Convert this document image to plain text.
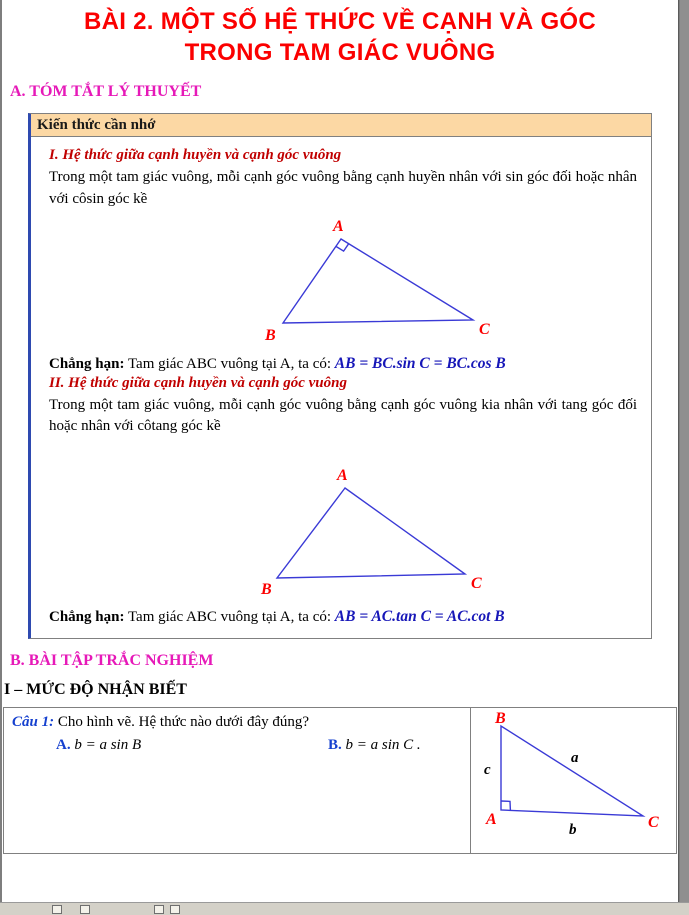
BÀI 2. MỘT SỐ HỆ THỨC VỀ CẠNH VÀ GÓC
TRONG TAM GIÁC VUÔNG
A. TÓM TẮT LÝ THUYẾT
Kiến thức cần nhớ
I. Hệ thức giữa cạnh huyền và cạnh góc vuông

Trong một tam giác vuông, mỗi cạnh góc vuông bằng cạnh huyền nhân với sin góc đối hoặc nhân với côsin góc kề

A
B	C

Chẳng hạn: Tam giác ABC vuông tại A, ta có: AB = BC.sin C = BC.cos B

II. Hệ thức giữa cạnh huyền và cạnh góc vuông

Trong một tam giác vuông, mỗi cạnh góc vuông bằng cạnh góc vuông kia nhân với tang góc đối hoặc nhân với côtang góc kề

A
B	C

Chẳng hạn: Tam giác ABC vuông tại A, ta có: AB = AC.tan C = AC.cot B

B. BÀI TẬP TRẮC NGHIỆM
I – MỨC ĐỘ NHẬN BIẾT

Câu 1: Cho hình vẽ. Hệ thức nào dưới đây đúng?

A. b = a sin B	B. b = a sin C .
B
c
a
A
b	C
